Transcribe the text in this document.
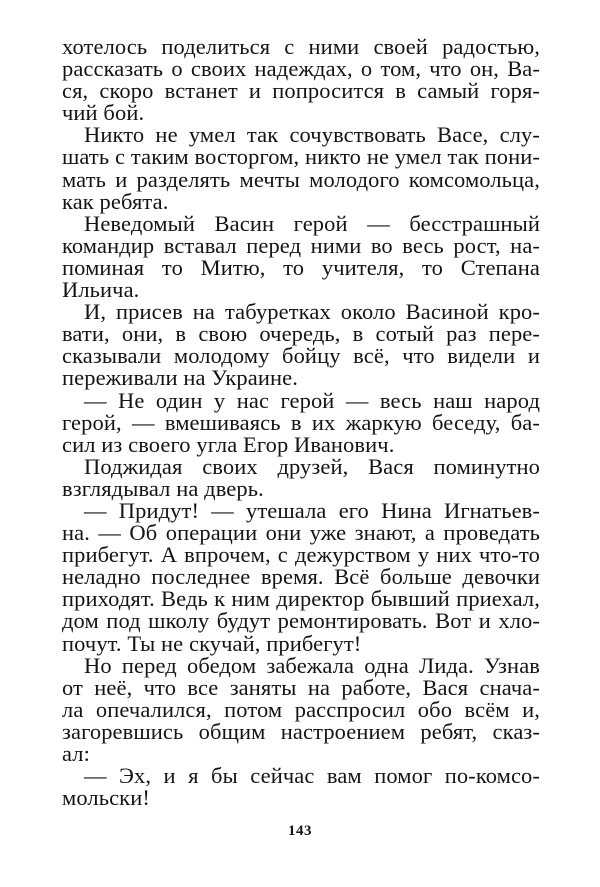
хотелось поделиться с ними своей радостью,
рассказать о своих надеждах, о том, что он, Ва-
ся, скоро встанет и попросится в самый горя-
чий бой.
Никто не умел так сочувствовать Васе, слу-
шать с таким восторгом, никто не умел так пони-
мать и разделять мечты молодого комсомольца,
как ребята.
Неведомый Васин герой — бесстрашный
командир вставал перед ними во весь рост, на-
поминая то Митю, то учителя, то Степана
Ильича.
И, присев на табуретках около Васиной кро-
вати, они, в свою очередь, в сотый раз пере-
сказывали молодому бойцу всё, что видели и
переживали на Украине.
— Не один у нас герой — весь наш народ
герой, — вмешиваясь в их жаркую беседу, ба-
сил из своего угла Егор Иванович.
Поджидая своих друзей, Вася поминутно
взглядывал на дверь.
— Придут! — утешала его Нина Игнатьев-
на. — Об операции они уже знают, а проведать
прибегут. А впрочем, с дежурством у них что-то
неладно последнее время. Всё больше девочки
приходят. Ведь к ним директор бывший приехал,
дом под школу будут ремонтировать. Вот и хло-
почут. Ты не скучай, прибегут!
Но перед обедом забежала одна Лида. Узнав
от неё, что все заняты на работе, Вася снача-
ла опечалился, потом расспросил обо всём и,
загоревшись общим настроением ребят, сказ-
ал:
— Эх, и я бы сейчас вам помог по-комсо-
мольски!
143
